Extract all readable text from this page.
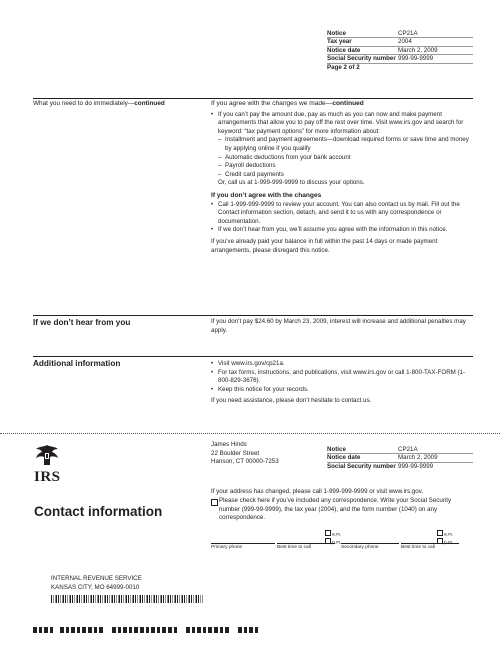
Notice	CP21A
Tax year	2004
Notice date	March 2, 2009
Social Security number	999-99-9999
Page 2 of 2	
What you need to do immediately—continued	If you agree with the changes we made—continued

• If you can’t pay the amount due, pay as much as you can now and make payment arrangements that allow you to pay off the rest over time. Visit www.irs.gov and search for keyword: “tax payment options” for more information about:
– Installment and payment agreements—download required forms or save time and money by applying online if you qualify
– Automatic deductions from your bank account
– Payroll deductions
– Credit card payments

Or, call us at 1-999-999-9999 to discuss your options.

If you don’t agree with the changes

• Call 1-999-999-9999 to review your account. You can also contact us by mail. Fill out the Contact information section, detach, and send it to us with any correspondence or documentation.
• If we don’t hear from you, we’ll assume you agree with the information in this notice.

If you’ve already paid your balance in full within the past 14 days or made payment arrangements, please disregard this notice.

If we don’t hear from you	If you don’t pay $24.60 by March 23, 2009, interest will increase and additional penalties may apply.

Additional information	• Visit www.irs.gov/cp21a.
• For tax forms, instructions, and publications, visit www.irs.gov or call 1-800-TAX-FORM (1-800-829-3676).
• Keep this notice for your records.

If you need assistance, please don’t hesitate to contact us.

IRS
Contact information
James Hinds
22 Boulder Street
Hanson, CT 00000-7253
Notice	CP21A
Notice date	March 2, 2009
Social Security number	999-99-9999

If your address has changed, please call 1-999-999-9999 or visit www.irs.gov.

Please check here if you’ve included any correspondence. Write your Social Security number (999-99-9999), the tax year (2004), and the form number (1040) on any correspondence.

a.m.
p.m.
a.m.
p.m.
Primary phone	Best time to call	Secondary phone	Best time to call
INTERNAL REVENUE SERVICE
KANSAS CITY, MO 64999-0010
